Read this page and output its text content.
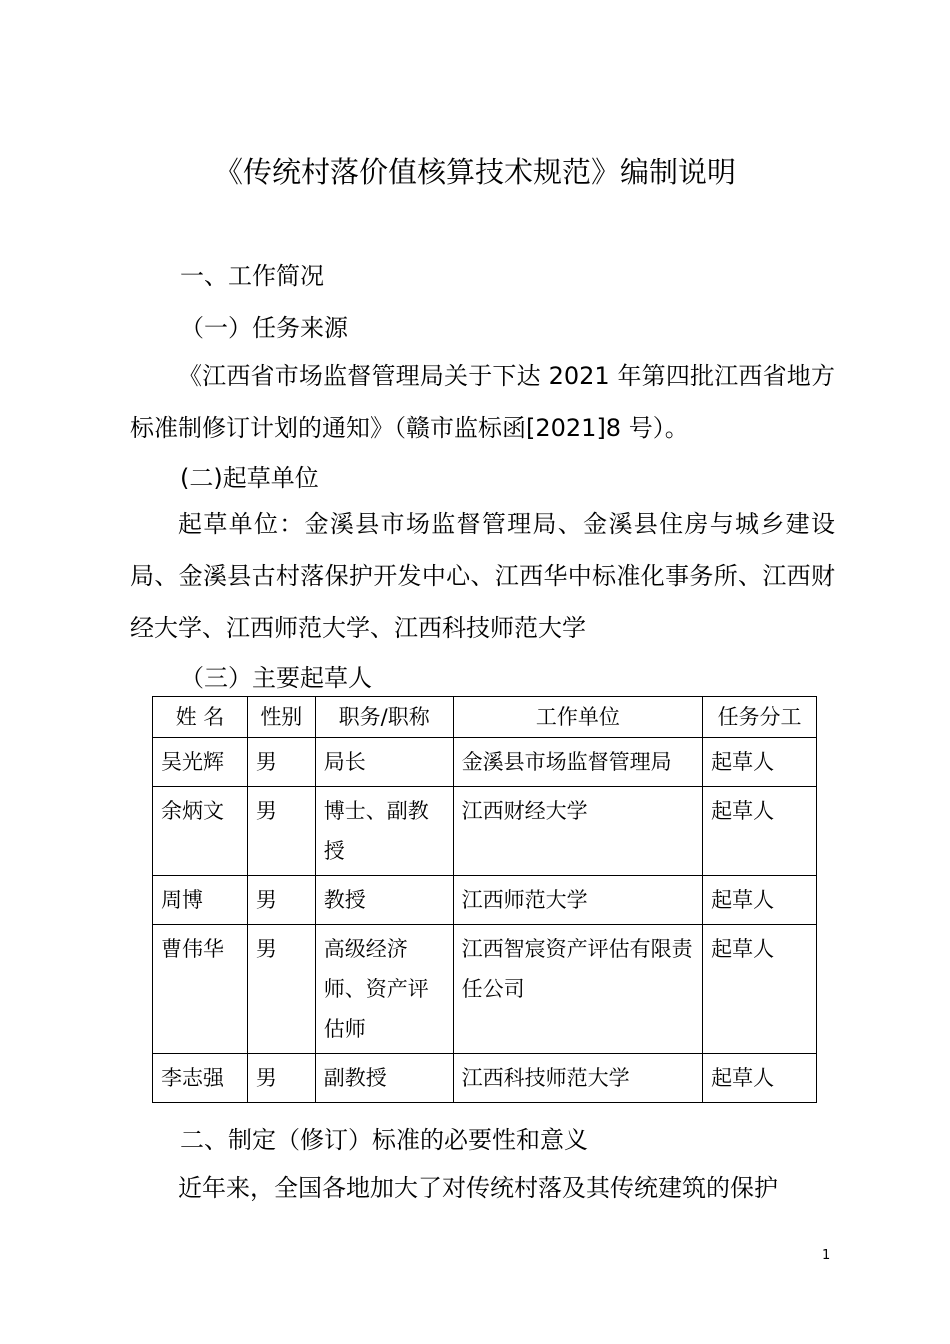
《传统村落价值核算技术规范》编制说明
一、工作简况
（一）任务来源
《江西省市场监督管理局关于下达 2021 年第四批江西省地方标准制修订计划的通知》（赣市监标函[2021]8 号）。
(二)起草单位
起草单位：金溪县市场监督管理局、金溪县住房与城乡建设局、金溪县古村落保护开发中心、江西华中标准化事务所、江西财经大学、江西师范大学、江西科技师范大学
（三）主要起草人
姓 名	性别	职务/职称	工作单位	任务分工
吴光辉	男	局长	金溪县市场监督管理局	起草人
余炳文	男	博士、副教授	江西财经大学	起草人
周博	男	教授	江西师范大学	起草人
曹伟华	男	高级经济师、资产评估师	江西智宸资产评估有限责任公司	起草人
李志强	男	副教授	江西科技师范大学	起草人
二、制定（修订）标准的必要性和意义
近年来，全国各地加大了对传统村落及其传统建筑的保护
1
